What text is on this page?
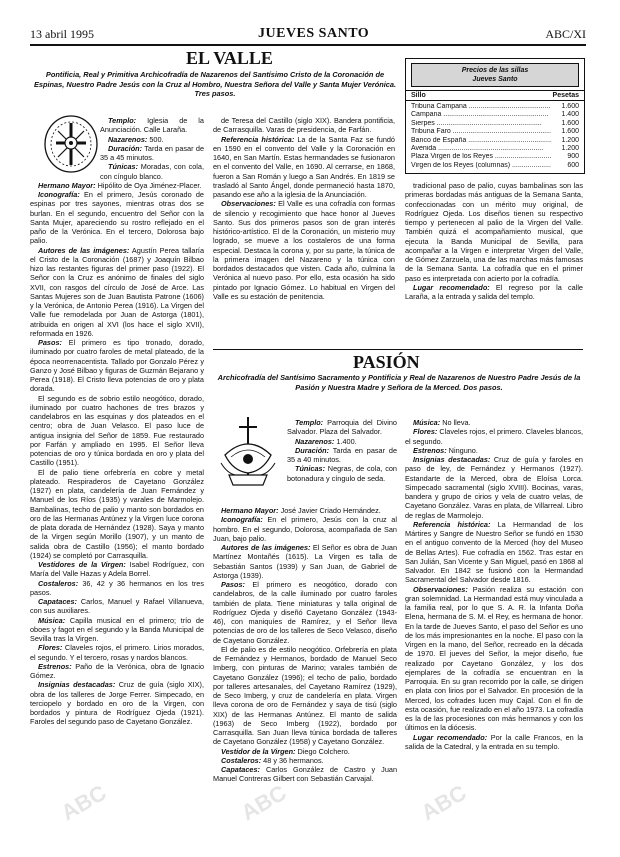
13 abril 1995	JUEVES SANTO	ABC/XI
EL VALLE
Pontificia, Real y Primitiva Archicofradía de Nazarenos del Santísimo Cristo de la Coronación de Espinas, Nuestro Padre Jesús con la Cruz al Hombro, Nuestra Señora del Valle y Santa Mujer Verónica. Tres pasos.

Templo: Iglesia de la Anunciación. Calle Laraña.

Nazarenos: 500.

Duración: Tarda en pasar de 35 a 45 minutos.

Túnicas: Moradas, con cola, con cíngulo blanco.

Hermano Mayor: Hipólito de Oya Jiménez-Placer.

Iconografía: En el primero, Jesús coronado de espinas por tres sayones, mientras otras dos se burlan. En el segundo, encuentro del Señor con la Santa Mujer, apareciendo su rostro reflejado en el paño de la Verónica. En el tercero, Dolorosa bajo palio.

Autores de las imágenes: Agustín Perea tallaría el Cristo de la Coronación (1687) y Joaquín Bilbao hizo las restantes figuras del primer paso (1922). El Señor con la Cruz es anónimo de finales del siglo XVII, con rasgos del círculo de José de Arce. Las Santas Mujeres son de Juan Bautista Patrone (1606) y la Verónica, de Antonio Perea (1916). La Virgen del Valle fue remodelada por Juan de Astorga (1801), atribuida en origen al XVI (los hace el siglo XVII), reformada en 1926.

Pasos: El primero es tipo tronado, dorado, iluminado por cuatro faroles de metal plateado, de la época neorrenacentista. Tallado por Gonzalo Pérez y Ganzo y José Bilbao y figuras de Guzmán Bejarano y Perea (1918). El Cristo lleva potencias de oro y plata dorada.

El segundo es de sobrio estilo neogótico, dorado, iluminado por cuatro hachones de tres brazos y candelabros en las esquinas y dos plateados en el centro; obra de Juan Velasco. El paso luce de antigua insignia del Señor de 1859. Fue restaurado por Farfán y ampliado en 1995. El Señor lleva potencias de oro y túnica bordada en oro y plata del Castillo (1951).

El de palio tiene orfebrería en cobre y metal plateado. Respiraderos de Cayetano González (1927) en plata, candelería de Juan Fernández y Manuel de los Ríos (1935) y varales de Marmolejo. Bambalinas, techo de palio y manto son bordados en oro de las Hermanas Antúnez y la Virgen luce corona de plata dorada de Hernández (1928). Saya y manto de la Virgen según Morillo (1907), y un manto de salida obra de Castillo (1956); el manto bordado (1924) se completó por Carrasquilla.

Vestidores de la Virgen: Isabel Rodríguez, con María del Valle Hazas y Adela Borrel.

Costaleros: 36, 42 y 36 hermanos en los tres pasos.

Capataces: Carlos, Manuel y Rafael Villanueva, con sus auxiliares.

Música: Capilla musical en el primero; trío de oboes y fagot en el segundo y la Banda Municipal de Sevilla tras la Virgen.

Flores: Claveles rojos, el primero. Lirios morados, el segundo. Y el tercero, rosas y nardos blancos.

Estrenos: Paño de la Verónica, obra de Ignacio Gómez.

Insignias destacadas: Cruz de guía (siglo XIX), obra de los talleres de Jorge Ferrer. Simpecado, en terciopelo y bordado en oro de la Virgen, con bordados y pintura de Rodríguez Ojeda (1921). Faroles del segundo paso de Cayetano González.

de Teresa del Castillo (siglo XIX). Bandera pontificia, de Carrasquilla. Varas de presidencia, de Farfán.

Referencia histórica: La de la Santa Faz se fundó en 1590 en el convento del Valle y la Coronación en 1640, en San Martín. Estas hermandades se fusionaron en el convento del Valle, en 1690. Al cerrarse, en 1868, fueron a San Román y luego a San Andrés. En 1819 se trasladó al Santo Ángel, donde permaneció hasta 1870, pasando ese año a la iglesia de la Anunciación.

Observaciones: El Valle es una cofradía con formas de silencio y recogimiento que hace honor al Jueves Santo. Sus dos primeros pasos son de gran interés histórico-artístico. El de la Coronación, un misterio muy logrado, se mueve a los costaleros de una forma especial. Destaca la corona y, por su parte, la túnica de la primera imagen del Nazareno y la túnica con bordados destacados que visten. Cada año, culmina la Verónica al nuevo paso. Por ello, esta ocasión ha sido pintado por Ignacio Gómez. Lo habitual en Virgen del Valle es su estación de penitencia.

Precios de las sillas
Jueves Santo
Sillo	Pesetas
Tribuna Campana .....	1.600
Campana .....	1.400
Sierpes .....	1.600
Tribuna Faro .....	1.600
Banco de España .....	1.200
Avenida .....	1.200
Plaza Virgen de los Reyes .....	900
Virgen de los Reyes (columnas) .....	600

tradicional paso de palio, cuyas bambalinas son las primeras bordadas más antiguas de la Semana Santa, confeccionadas con un mérito muy original, de Rodríguez Ojeda. Los diseños tienen su respectivo tiempo y pertenecen al palio de la Virgen del Valle. También quizá el acompañamiento musical, que ejecuta la Banda Municipal de Sevilla, para acompañar a la Virgen e interpretar Virgen del Valle, de Gómez Zarzuela, una de las marchas más famosas de la Semana Santa. La cofradía que en el primer paso es interpretada con acierto por la cofradía.

Lugar recomendado: El regreso por la calle Laraña, a la entrada y salida del templo.

PASIÓN
Archicofradía del Santísimo Sacramento y Pontificia y Real de Nazarenos de Nuestro Padre Jesús de la Pasión y Nuestra Madre y Señora de la Merced. Dos pasos.

Templo: Parroquia del Divino Salvador. Plaza del Salvador.

Nazarenos: 1.400.

Duración: Tarda en pasar de 35 a 40 minutos.

Túnicas: Negras, de cola, con botonadura y cíngulo de seda.

Hermano Mayor: José Javier Criado Hernández.

Iconografía: En el primero, Jesús con la cruz al hombro. En el segundo, Dolorosa, acompañada de San Juan, bajo palio.

Autores de las imágenes: El Señor es obra de Juan Martínez Montañés (1615). La Virgen es talla de Sebastián Santos (1939) y San Juan, de Gabriel de Astorga (1939).

Pasos: El primero es neogótico, dorado con candelabros, de la calle iluminado por cuatro faroles también de plata. Tiene miniaturas y talla original de Rodríguez Ojeda y diseñó Cayetano González (1943-46), con maniquíes de Ramírez, y el Señor lleva potencias de oro de los talleres de Seco Velasco, diseño de Cayetano González.

El de palio es de estilo neogótico. Orfebrería en plata de Fernández y Hermanos, bordado de Manuel Seco Imberg, con pinturas de Marino; varales también de Cayetano González (1996); el techo de palio, bordado por talleres artesanales, del Cayetano Ramírez (1929), de Seco Imberg, y cruz de candelería en plata. Virgen lleva corona de oro de Fernández y saya de tisú (siglo XIX) de las Hermanas Antúnez. El manto de salida (1963) de Seco Imberg (1922), bordado por Carrasquilla. San Juan lleva túnica bordada de talleres de Cayetano González (1958) y Cayetano González.

Vestidor de la Virgen: Diego Colchero.

Costaleros: 48 y 36 hermanos.

Capataces: Carlos González de Castro y Juan Manuel Contreras Gilbert con Sebastián Carvajal.

Música: No lleva.

Flores: Claveles rojos, el primero. Claveles blancos, el segundo.

Estrenos: Ninguno.

Insignias destacadas: Cruz de guía y faroles en paso de ley, de Fernández y Hermanos (1927). Estandarte de la Merced, obra de Eloísa Lorca. Simpecado sacramental (siglo XVIII). Bocinas, varas, bandera y grupo de cirios y vela de cuatro velas, de Cayetano González. Varas en plata, de Villarreal. Libro de reglas de Marmolejo.

Referencia histórica: La Hermandad de los Mártires y Sangre de Nuestro Señor se fundó en 1530 en el antiguo convento de la Merced (hoy del Museo de Bellas Artes). Fue cofradía en 1562. Tras estar en San Julián, San Vicente y San Miguel, pasó en 1868 al Salvador. En 1842 se fusionó con la Hermandad Sacramental del Salvador desde 1816.

Observaciones: Pasión realiza su estación con gran solemnidad. La Hermandad está muy vinculada a la familia real, por lo que S. A. R. la Infanta Doña Elena, hermana de S. M. el Rey, es hermana de honor. En la tarde de Jueves Santo, el paso del Señor es uno de los más impresionantes en la noche. El paso con la Virgen en la mano, del Señor, recreado en la década de 1970. El jueves del Señor, la mejor diseño, fue realizado por Cayetano González, y los dos ejemplares de la cofradía se encuentran en la Parroquia. En su gran recorrido por la calle, se dirigen en plata con lirios por el Salvador. En procesión de la Merced, los cofrades lucen muy Cajal. Con el fin de esta ocasión, fue realizado en el año 1973. La cofradía es la de las procesiones con más hermanos y con los últimos en la diócesis.

Lugar recomendado: Por la calle Francos, en la salida de la Catedral, y la entrada en su templo.

ABC	ABC	ABC
